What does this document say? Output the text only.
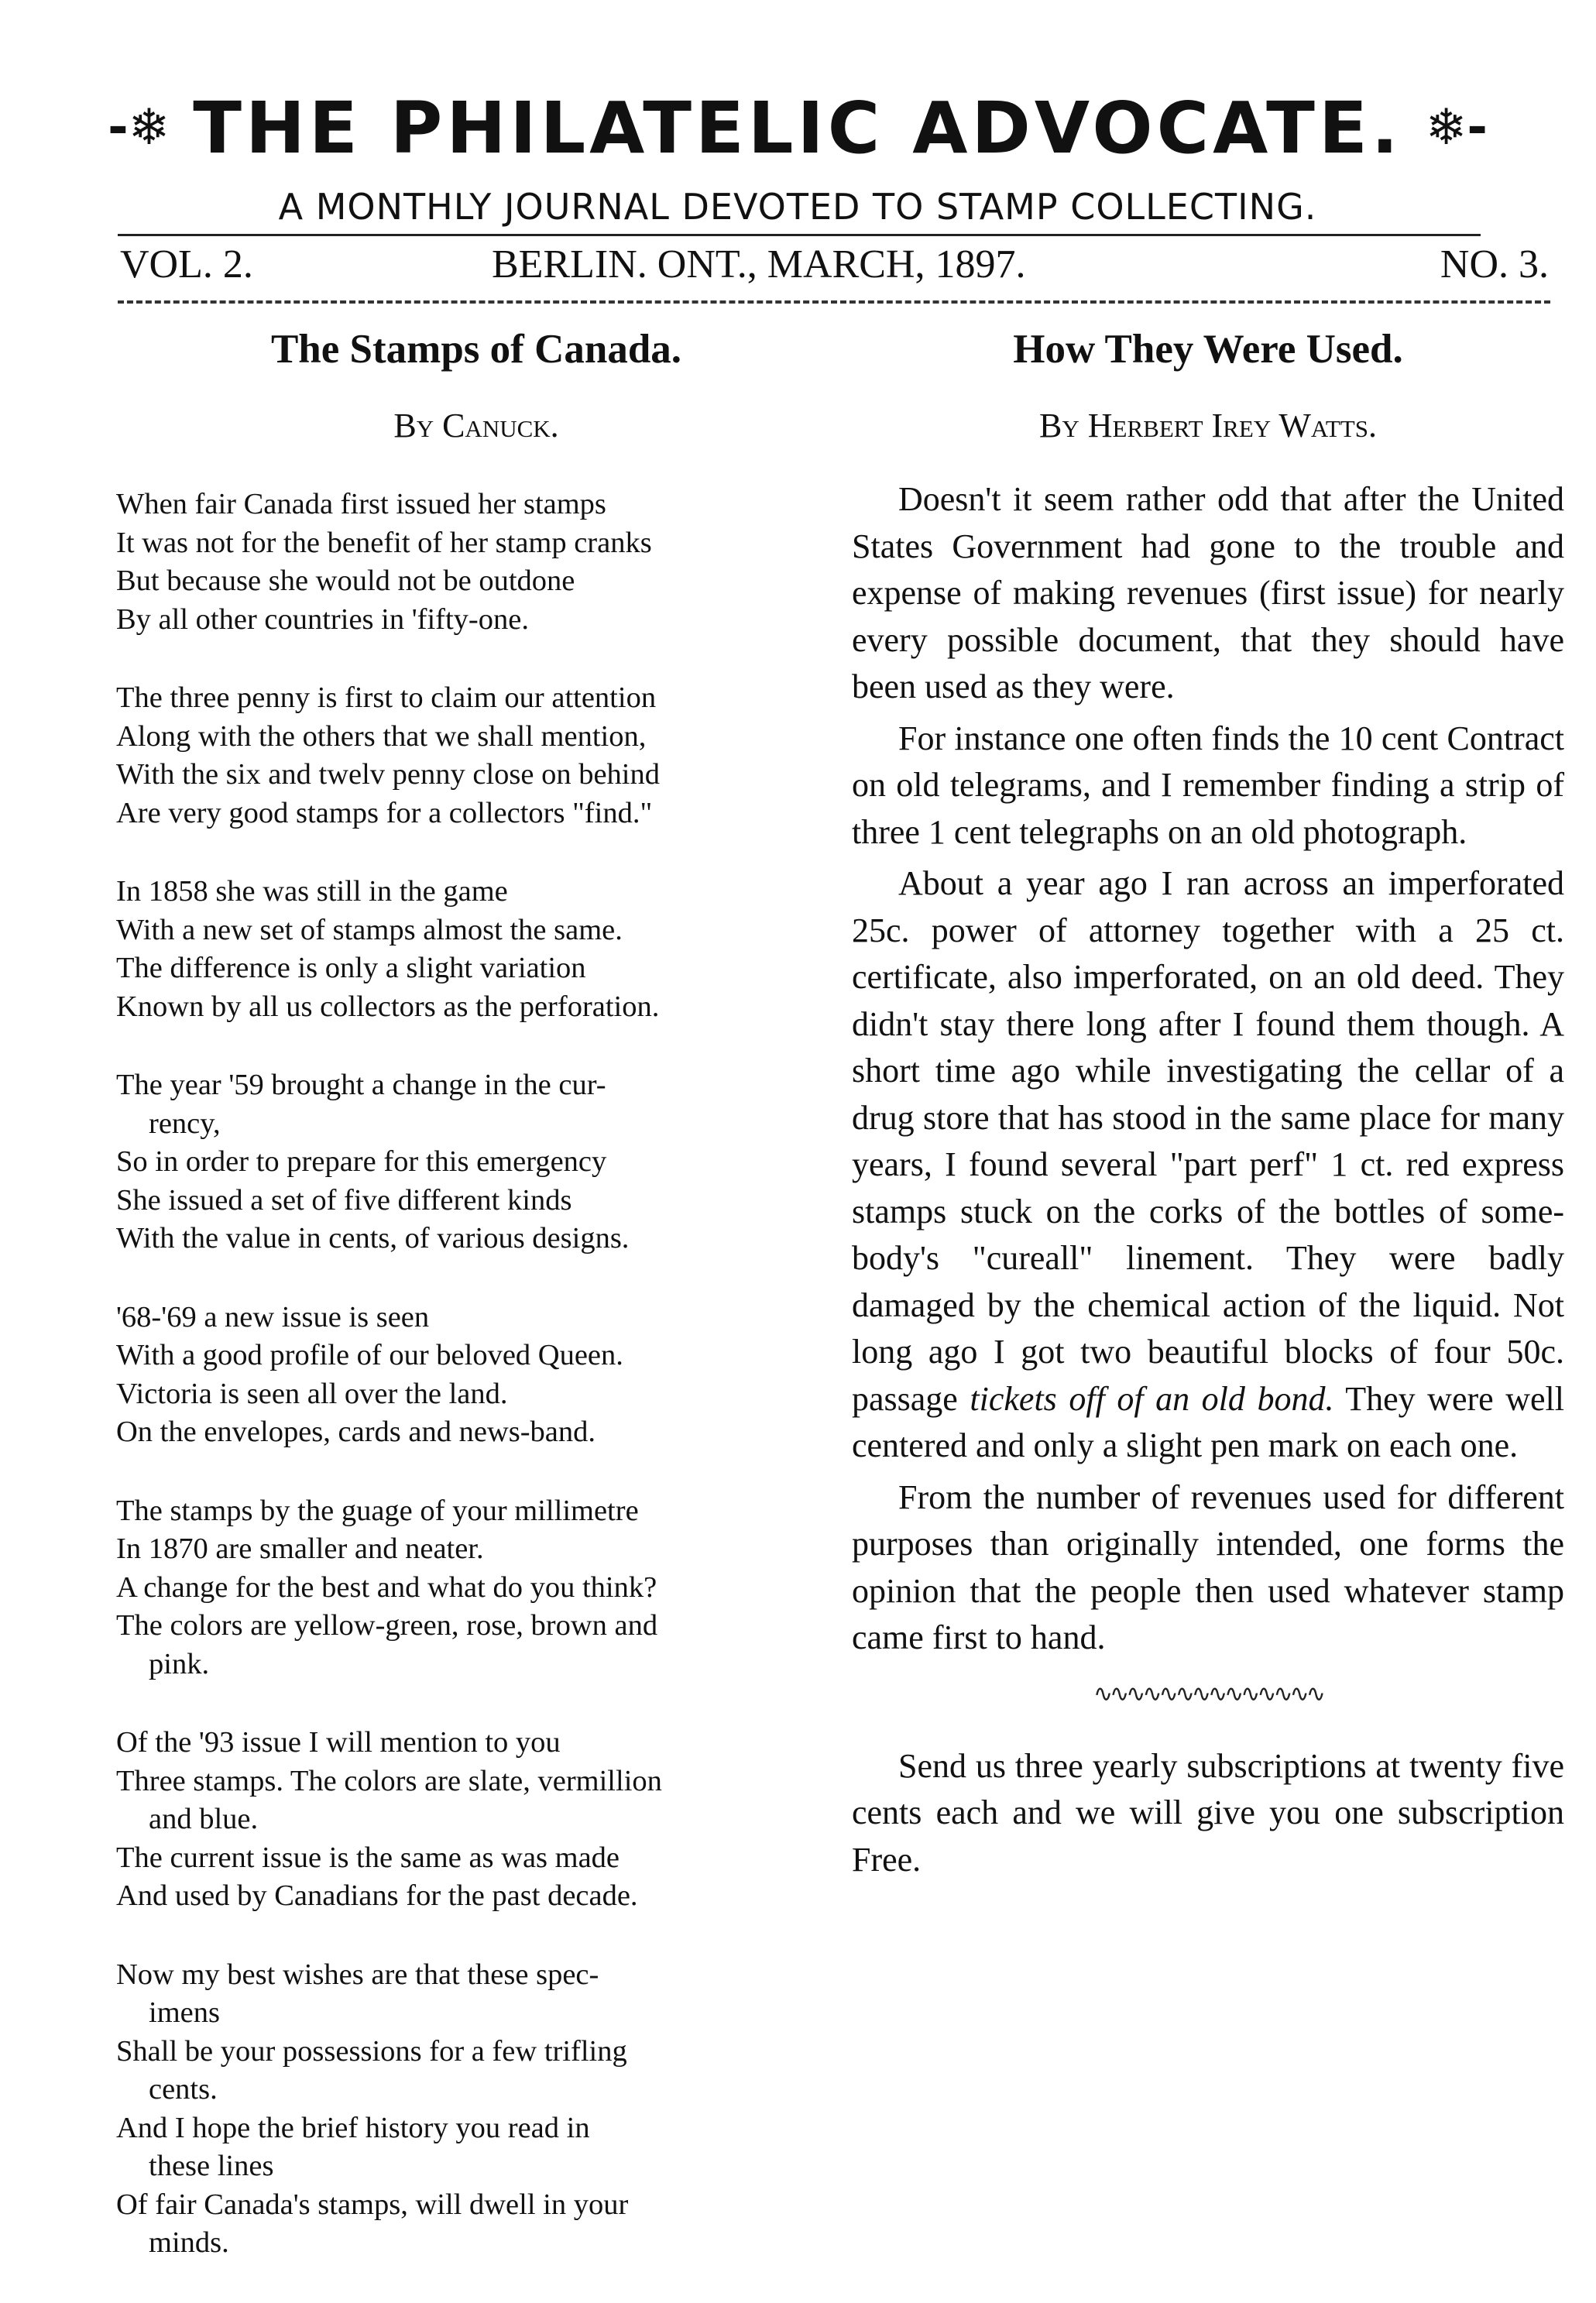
-❄ THE PHILATELIC ADVOCATE. ❄-
A MONTHLY JOURNAL DEVOTED TO STAMP COLLECTING.
VOL. 2.	BERLIN. ONT., MARCH, 1897.	NO. 3.
The Stamps of Canada.
By Canuck.
When fair Canada first issued her stamps
It was not for the benefit of her stamp cranks
But because she would not be outdone
By all other countries in 'fifty-one.
The three penny is first to claim our attention
Along with the others that we shall mention,
With the six and twelv penny close on behind
Are very good stamps for a collectors "find."
In 1858 she was still in the game
With a new set of stamps almost the same.
The difference is only a slight variation
Known by all us collectors as the perforation.
The year '59 brought a change in the cur-
rency,
So in order to prepare for this emergency
She issued a set of five different kinds
With the value in cents, of various designs.
'68-'69 a new issue is seen
With a good profile of our beloved Queen.
Victoria is seen all over the land.
On the envelopes, cards and news-band.
The stamps by the guage of your millimetre
In 1870 are smaller and neater.
A change for the best and what do you think?
The colors are yellow-green, rose, brown and
pink.
Of the '93 issue I will mention to you
Three stamps. The colors are slate, vermillion
and blue.
The current issue is the same as was made
And used by Canadians for the past decade.
Now my best wishes are that these spec-
imens
Shall be your possessions for a few trifling
cents.
And I hope the brief history you read in
these lines
Of fair Canada's stamps, will dwell in your
minds.
How They Were Used.
By Herbert Irey Watts.

Doesn't it seem rather odd that after the United States Government had gone to the trouble and expense of making revenues (first issue) for nearly every possible document, that they should have been used as they were.

For instance one often finds the 10 cent Contract on old telegrams, and I remember finding a strip of three 1 cent telegraphs on an old photograph.

About a year ago I ran across an imperforated 25c. power of attorney together with a 25 ct. certificate, also imperforated, on an old deed. They didn't stay there long after I found them though. A short time ago while investigating the cellar of a drug store that has stood in the same place for many years, I found several "part perf" 1 ct. red express stamps stuck on the corks of the bottles of some-body's "cureall" linement. They were badly damaged by the chemical action of the liquid. Not long ago I got two beautiful blocks of four 50c. passage tickets off of an old bond. They were well centered and only a slight pen mark on each one.

From the number of revenues used for different purposes than originally intended, one forms the opinion that the people then used whatever stamp came first to hand.

∿∿∿∿∿∿∿∿∿∿∿∿∿∿

Send us three yearly subscriptions at twenty five cents each and we will give you one subscription Free.
